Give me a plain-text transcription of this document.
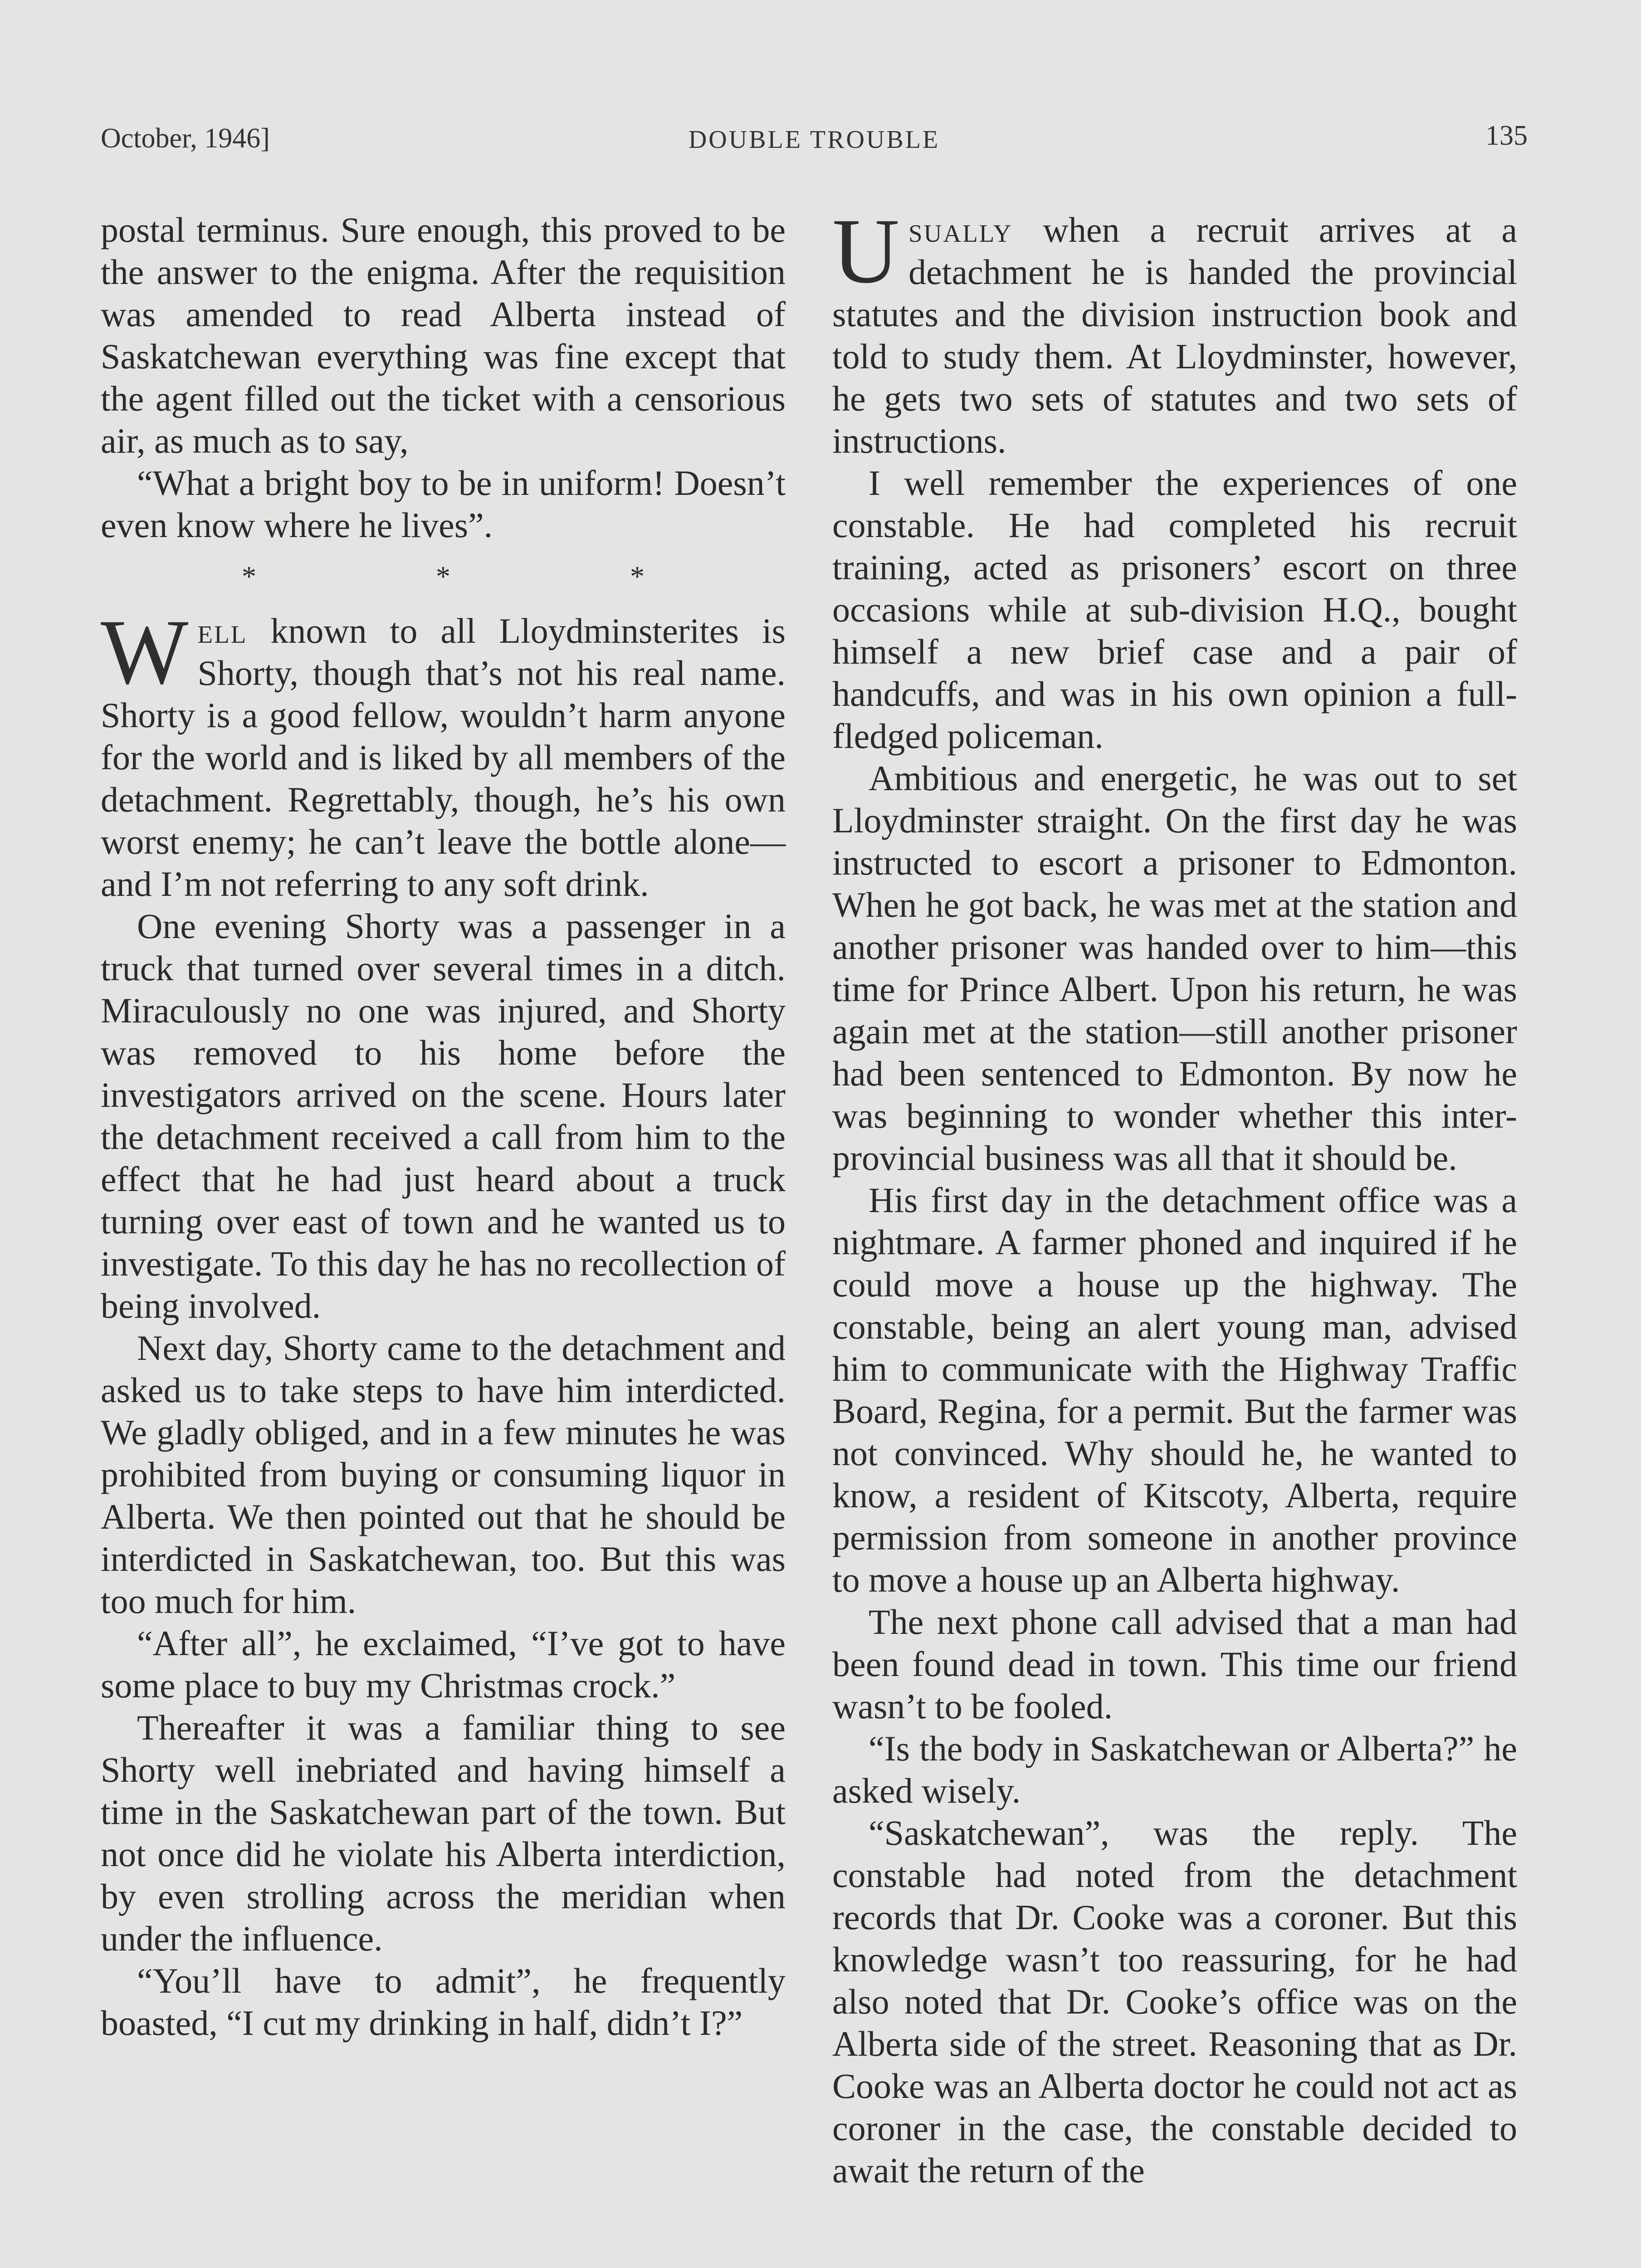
October, 1946]	DOUBLE TROUBLE	135

postal terminus. Sure enough, this proved to be the answer to the enigma. After the requisition was amended to read Alberta instead of Saskatchewan everything was fine except that the agent filled out the ticket with a censorious air, as much as to say,

“What a bright boy to be in uniform! Doesn’t even know where he lives”.

* * *

Well known to all Lloydminsterites is Shorty, though that’s not his real name. Shorty is a good fellow, wouldn’t harm anyone for the world and is liked by all members of the detachment. Regrettably, though, he’s his own worst enemy; he can’t leave the bottle alone—and I’m not referring to any soft drink.

One evening Shorty was a passenger in a truck that turned over several times in a ditch. Miraculously no one was injured, and Shorty was removed to his home before the investigators arrived on the scene. Hours later the detachment received a call from him to the effect that he had just heard about a truck turning over east of town and he wanted us to investigate. To this day he has no recollection of being involved.

Next day, Shorty came to the detachment and asked us to take steps to have him interdicted. We gladly obliged, and in a few minutes he was prohibited from buying or consuming liquor in Alberta. We then pointed out that he should be interdicted in Saskatchewan, too. But this was too much for him.

“After all”, he exclaimed, “I’ve got to have some place to buy my Christmas crock.”

Thereafter it was a familiar thing to see Shorty well inebriated and having himself a time in the Saskatchewan part of the town. But not once did he violate his Alberta interdiction, by even strolling across the meridian when under the influence.

“You’ll have to admit”, he frequently boasted, “I cut my drinking in half, didn’t I?”

Usually when a recruit arrives at a detachment he is handed the provincial statutes and the division instruction book and told to study them. At Lloydminster, however, he gets two sets of statutes and two sets of instructions.

I well remember the experiences of one constable. He had completed his recruit training, acted as prisoners’ escort on three occasions while at sub-division H.Q., bought himself a new brief case and a pair of handcuffs, and was in his own opinion a full-fledged policeman.

Ambitious and energetic, he was out to set Lloydminster straight. On the first day he was instructed to escort a prisoner to Edmonton. When he got back, he was met at the station and another prisoner was handed over to him—this time for Prince Albert. Upon his return, he was again met at the station—still another prisoner had been sentenced to Edmonton. By now he was beginning to wonder whether this inter-provincial business was all that it should be.

His first day in the detachment office was a nightmare. A farmer phoned and inquired if he could move a house up the highway. The constable, being an alert young man, advised him to communicate with the Highway Traffic Board, Regina, for a permit. But the farmer was not convinced. Why should he, he wanted to know, a resident of Kitscoty, Alberta, require permission from someone in another province to move a house up an Alberta highway.

The next phone call advised that a man had been found dead in town. This time our friend wasn’t to be fooled.

“Is the body in Saskatchewan or Alberta?” he asked wisely.

“Saskatchewan”, was the reply. The constable had noted from the detachment records that Dr. Cooke was a coroner. But this knowledge wasn’t too reassuring, for he had also noted that Dr. Cooke’s office was on the Alberta side of the street. Reasoning that as Dr. Cooke was an Alberta doctor he could not act as coroner in the case, the constable decided to await the return of the
